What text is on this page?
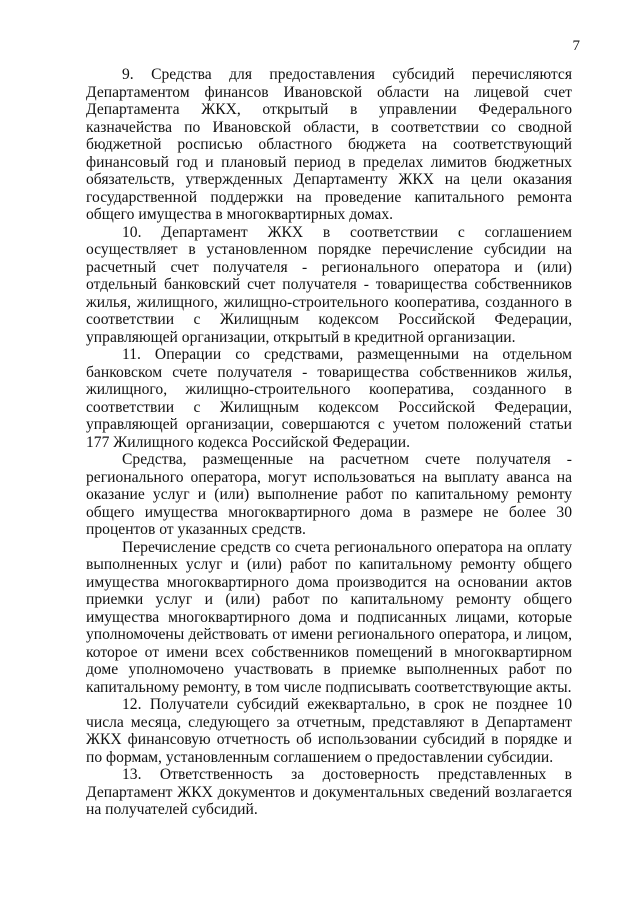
7

9. Средства для предоставления субсидий перечисляются Департаментом финансов Ивановской области на лицевой счет Департамента ЖКХ, открытый в управлении Федерального казначейства по Ивановской области, в соответствии со сводной бюджетной росписью областного бюджета на соответствующий финансовый год и плановый период в пределах лимитов бюджетных обязательств, утвержденных Департаменту ЖКХ на цели оказания государственной поддержки на проведение капитального ремонта общего имущества в многоквартирных домах.

10. Департамент ЖКХ в соответствии с соглашением осуществляет в установленном порядке перечисление субсидии на расчетный счет получателя - регионального оператора и (или) отдельный банковский счет получателя - товарищества собственников жилья, жилищного, жилищно-строительного кооператива, созданного в соответствии с Жилищным кодексом Российской Федерации, управляющей организации, открытый в кредитной организации.

11. Операции со средствами, размещенными на отдельном банковском счете получателя - товарищества собственников жилья, жилищного, жилищно-строительного кооператива, созданного в соответствии с Жилищным кодексом Российской Федерации, управляющей организации, совершаются с учетом положений статьи 177 Жилищного кодекса Российской Федерации.

Средства, размещенные на расчетном счете получателя - регионального оператора, могут использоваться на выплату аванса на оказание услуг и (или) выполнение работ по капитальному ремонту общего имущества многоквартирного дома в размере не более 30 процентов от указанных средств.

Перечисление средств со счета регионального оператора на оплату выполненных услуг и (или) работ по капитальному ремонту общего имущества многоквартирного дома производится на основании актов приемки услуг и (или) работ по капитальному ремонту общего имущества многоквартирного дома и подписанных лицами, которые уполномочены действовать от имени регионального оператора, и лицом, которое от имени всех собственников помещений в многоквартирном доме уполномочено участвовать в приемке выполненных работ по капитальному ремонту, в том числе подписывать соответствующие акты.

12. Получатели субсидий ежеквартально, в срок не позднее 10 числа месяца, следующего за отчетным, представляют в Департамент ЖКХ финансовую отчетность об использовании субсидий в порядке и по формам, установленным соглашением о предоставлении субсидии.

13. Ответственность за достоверность представленных в Департамент ЖКХ документов и документальных сведений возлагается на получателей субсидий.
